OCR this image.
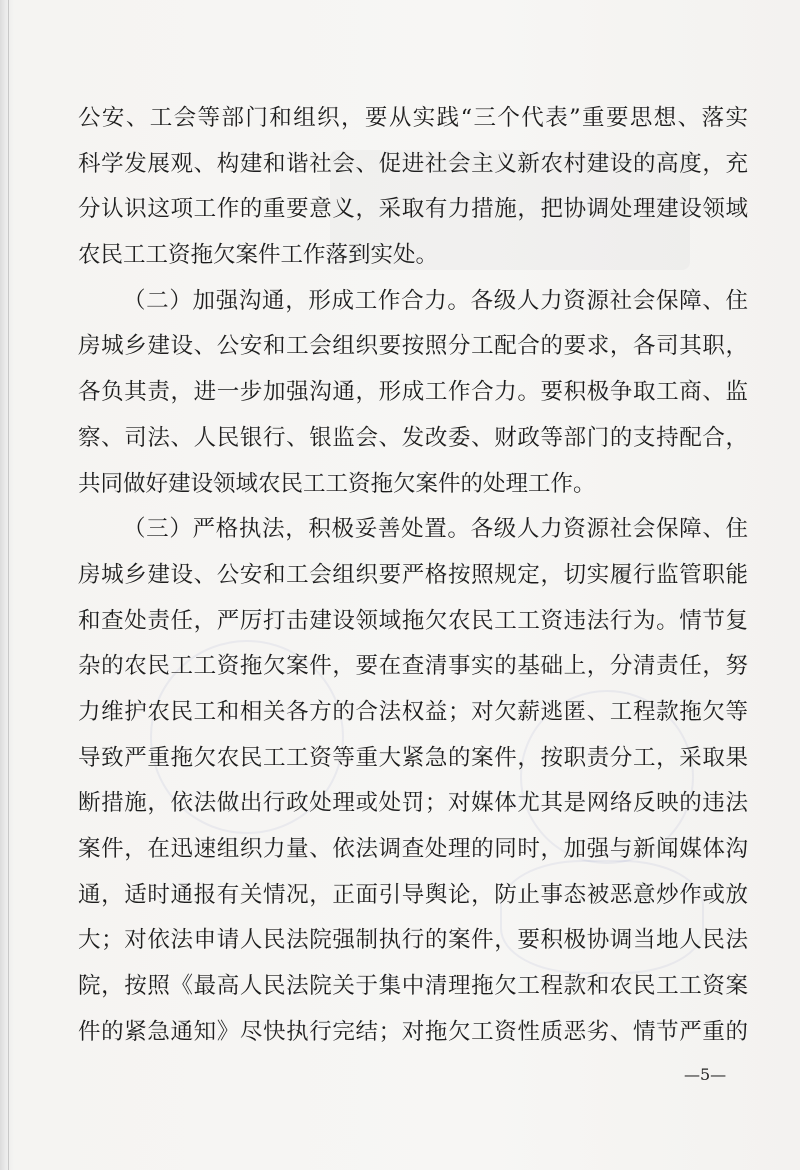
公安、工会等部门和组织，要从实践“三个代表”重要思想、落实
科学发展观、构建和谐社会、促进社会主义新农村建设的高度，充
分认识这项工作的重要意义，采取有力措施，把协调处理建设领域
农民工工资拖欠案件工作落到实处。
（二）加强沟通，形成工作合力。各级人力资源社会保障、住
房城乡建设、公安和工会组织要按照分工配合的要求，各司其职，
各负其责，进一步加强沟通，形成工作合力。要积极争取工商、监
察、司法、人民银行、银监会、发改委、财政等部门的支持配合，
共同做好建设领域农民工工资拖欠案件的处理工作。
（三）严格执法，积极妥善处置。各级人力资源社会保障、住
房城乡建设、公安和工会组织要严格按照规定，切实履行监管职能
和查处责任，严厉打击建设领域拖欠农民工工资违法行为。情节复
杂的农民工工资拖欠案件，要在查清事实的基础上，分清责任，努
力维护农民工和相关各方的合法权益；对欠薪逃匿、工程款拖欠等
导致严重拖欠农民工工资等重大紧急的案件，按职责分工，采取果
断措施，依法做出行政处理或处罚；对媒体尤其是网络反映的违法
案件，在迅速组织力量、依法调查处理的同时，加强与新闻媒体沟
通，适时通报有关情况，正面引导舆论，防止事态被恶意炒作或放
大；对依法申请人民法院强制执行的案件，要积极协调当地人民法
院，按照《最高人民法院关于集中清理拖欠工程款和农民工工资案
件的紧急通知》尽快执行完结；对拖欠工资性质恶劣、情节严重的
—5—
